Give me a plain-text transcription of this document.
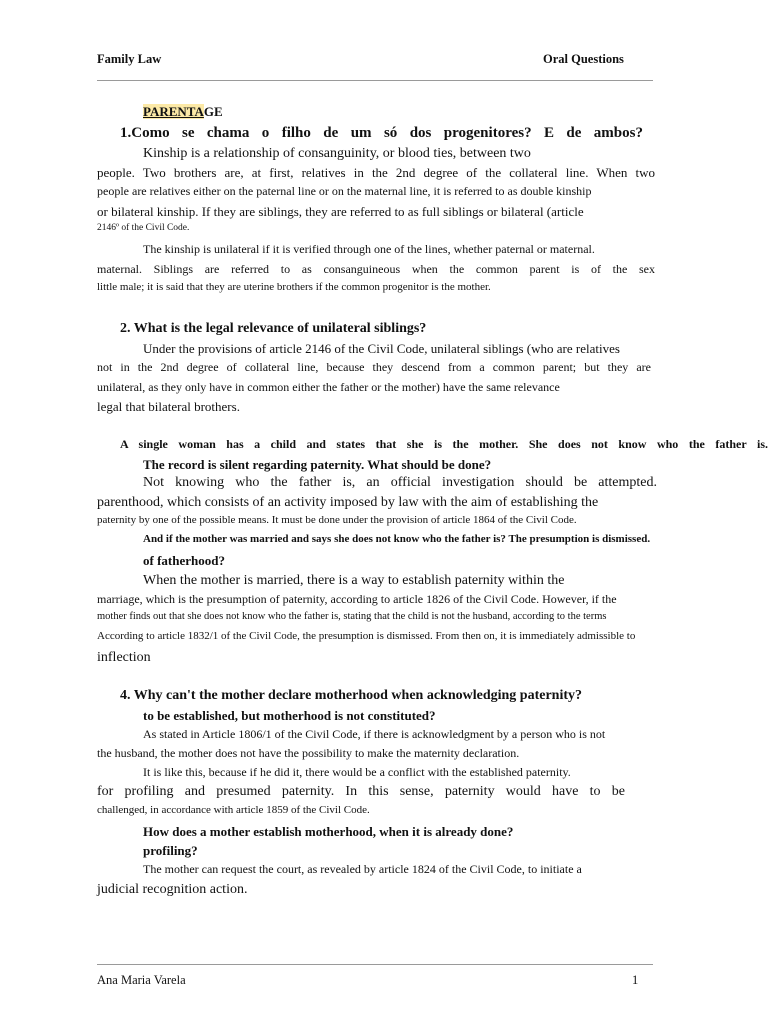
Family Law	Oral Questions
PARENTAGE
1.Como se chama o filho de um só dos progenitores? E de ambos?
Kinship is a relationship of consanguinity, or blood ties, between two
people. Two brothers are, at first, relatives in the 2nd degree of the collateral line. When two
people are relatives either on the paternal line or on the maternal line, it is referred to as double kinship
or bilateral kinship. If they are siblings, they are referred to as full siblings or bilateral (article
2146º of the Civil Code.
The kinship is unilateral if it is verified through one of the lines, whether paternal or maternal.
maternal. Siblings are referred to as consanguineous when the common parent is of the sex
little male; it is said that they are uterine brothers if the common progenitor is the mother.
2. What is the legal relevance of unilateral siblings?
Under the provisions of article 2146 of the Civil Code, unilateral siblings (who are relatives
not in the 2nd degree of collateral line, because they descend from a common parent; but they are
unilateral, as they only have in common either the father or the mother) have the same relevance
legal that bilateral brothers.
A single woman has a child and states that she is the mother. She does not know who the father is.
The record is silent regarding paternity. What should be done?
Not knowing who the father is, an official investigation should be attempted.
parenthood, which consists of an activity imposed by law with the aim of establishing the
paternity by one of the possible means. It must be done under the provision of article 1864 of the Civil Code.
And if the mother was married and says she does not know who the father is? The presumption is dismissed.
of fatherhood?
When the mother is married, there is a way to establish paternity within the
marriage, which is the presumption of paternity, according to article 1826 of the Civil Code. However, if the
mother finds out that she does not know who the father is, stating that the child is not the husband, according to the terms
According to article 1832/1 of the Civil Code, the presumption is dismissed. From then on, it is immediately admissible to
inflection
4. Why can't the mother declare motherhood when acknowledging paternity?
to be established, but motherhood is not constituted?
As stated in Article 1806/1 of the Civil Code, if there is acknowledgment by a person who is not
the husband, the mother does not have the possibility to make the maternity declaration.
It is like this, because if he did it, there would be a conflict with the established paternity.
for profiling and presumed paternity. In this sense, paternity would have to be
challenged, in accordance with article 1859 of the Civil Code.
How does a mother establish motherhood, when it is already done?
profiling?
The mother can request the court, as revealed by article 1824 of the Civil Code, to initiate a
judicial recognition action.
Ana Maria Varela	1
